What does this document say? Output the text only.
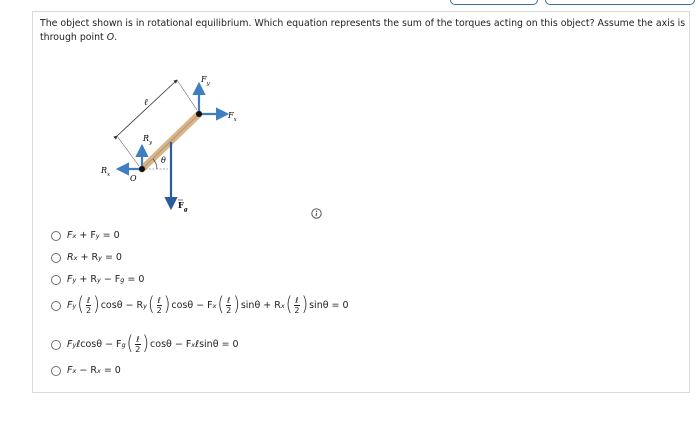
The object shown is in rotational equilibrium. Which equation represents the sum of the torques acting on this object? Assume the axis is through point O.
ℓ
$F_y$
$F_x$
$R_y$
$R_x$
$F_g$
θ
O
F x + F y = 0
R x + R y = 0
F y + R y − F g = 0
F y ( $\frac{\text{ℓ}}{2}$ ) cosθ − R y ( $\frac{\text{ℓ}}{2}$ ) cosθ − F x ( $\frac{\text{ℓ}}{2}$ ) sinθ + R x ( $\frac{\text{ℓ}}{2}$ ) sinθ = 0
F y ℓcosθ − F g ( $\frac{\text{ℓ}}{2}$ ) cosθ − F x ℓsinθ = 0
F x − R x = 0
